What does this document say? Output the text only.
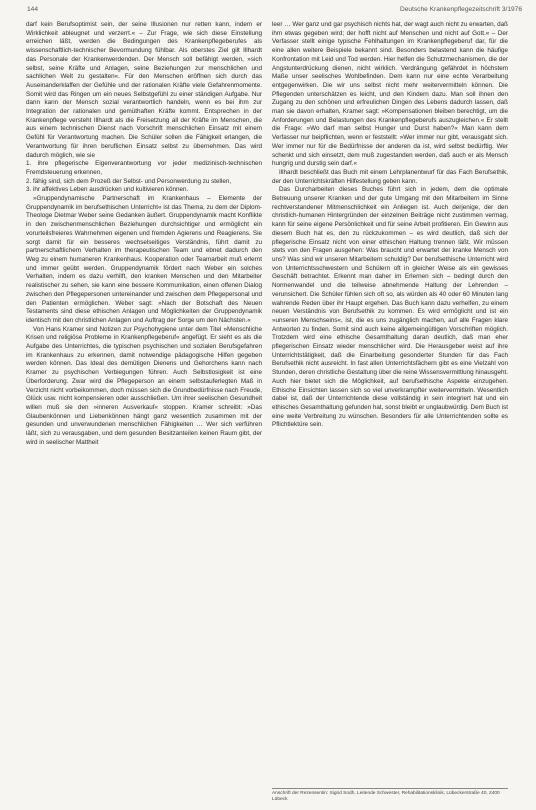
144	Deutsche Krankenpflegezeitschrift 3/1976

darf kein Berufsoptimist sein, der seine Illusionen nur retten kann, indem er Wirklichkeit ableugnet und verzerrt.« – Zur Frage, wie sich diese Einstellung erreichen läßt, werden die Bedingungen des Krankenpflegeberufes als wissenschaftlich-technischer Bevormundung fühlbar. Als oberstes Ziel gilt Illhardt das Personale der Krankenwerdenden. Der Mensch soll befähigt werden, »sich selbst, seine Kräfte und Anlagen, seine Beziehungen zur menschlichen und sachlichen Welt zu gestalten«. Für den Menschen eröffnen sich durch das Auseinanderklaffen der Gefühle und der rationalen Kräfte viele Gefahrenmomente. Somit wird das Ringen um ein neues Selbstgefühl zu einer ständigen Aufgabe. Nur dann kann der Mensch sozial verantwortlich handeln, wenn es bei ihm zur Integration der rationalen und gemüthaften Kräfte kommt. Entsprechen in der Krankenpflege versteht Illhardt als die Freisetzung all der Kräfte im Menschen, die aus einem technischen Dienst nach Vorschrift menschlichen Einsatz mit einem Gefühl für Verantwortung machen. Die Schüler sollen die Fähigkeit erlangen, die Verantwortung für ihren beruflichen Einsatz selbst zu übernehmen. Das wird dadurch möglich, wie sie

1. ihre pflegerische Eigenverantwortung vor jeder medizinisch-technischen Fremdsteuerung erkennen,

2. fähig sind, sich dem Prozeß der Selbst- und Personwerdung zu stellen,

3. ihr affektives Leben ausdrücken und kultivieren können.

»Gruppendynamische Partnerschaft im Krankenhaus – Elemente der Gruppendynamik im berufsethischen Unterricht« ist das Thema, zu dem der Diplom-Theologe Dietmar Weber seine Gedanken äußert. Gruppendynamik macht Konflikte in den zwischenmenschlichen Beziehungen durchsichtiger und ermöglicht ein vorurteilsfreieres Wahrnehmen eigenen und fremden Agierens und Reagierens. Sie sorgt damit für ein besseres wechselseitiges Verständnis, führt damit zu partnerschaftlichem Verhalten im therapeutischen Team und ebnet dadurch den Weg zu einem humaneren Krankenhaus. Kooperation oder Teamarbeit muß erlernt und immer geübt werden. Gruppendynamik fördert nach Weber ein solches Verhalten, indem es dazu verhilft, den kranken Menschen und den Mitarbeiter realistischer zu sehen, sie kann eine bessere Kommunikation, einen offenen Dialog zwischen den Pflegepersonen untereinander und zwischen dem Pflegepersonal und den Patienten ermöglichen. Weber sagt: »Nach der Botschaft des Neuen Testaments sind diese ethischen Anlagen und Möglichkeiten der Gruppendynamik identisch mit den christlichen Anlagen und Auftrag der Sorge um den Nächsten.«

Von Hans Kramer sind Notizen zur Psychohygiene unter dem Titel »Menschliche Krisen und religiöse Probleme in Krankenpflegeberuf« angefügt. Er sieht es als die Aufgabe des Unterrichtes, die typischen psychischen und sozialen Berufsgefahren im Krankenhaus zu erkennen, damit notwendige pädagogische Hilfen gegeben werden können. Das Ideal des demütigen Dienens und Gehorchens kann nach Kramer zu psychischen Verbiegungen führen. Auch Selbstlosigkeit ist eine Überforderung. Zwar wird die Pflegeperson an einem selbstauferlegten Maß in Verzicht nicht vorbeikommen, doch müssen sich die Grundbedürfnisse nach Freude, Glück usw. nicht kompensieren oder ausschließen. Um ihrer seelischen Gesundheit willen muß sie den »inneren Ausverkauf« stoppen. Kramer schreibt: »Das Glaubenkönnen und Liebenkönnen hängt ganz wesentlich zusammen mit der gesunden und unverwundenen menschlichen Fähigkeiten … Wer sich verführen läßt, sich zu verausgaben, und dem gesunden Besitzanteilen keinen Raum gibt, der wird in seelischer Mattheit

leer … Wer ganz und gar psychisch nichts hat, der wagt auch nicht zu erwarten, daß ihm etwas gegeben wird; der hofft nicht auf Menschen und nicht auf Gott.« – Der Verfasser stellt einige typische Fehlhaltungen im Krankenpflegeberuf dar, für die eine allen weitere Beispiele bekannt sind. Besonders belastend kann die häufige Konfrontation mit Leid und Tod werden. Hier helfen die Schutzmechanismen, die der Angstunterdrückung dienen, nicht wirklich. Verdrängung gefährdet in höchstem Maße unser seelisches Wohlbefinden. Dem kann nur eine echte Verarbeitung entgegenwirken. Die wir uns selbst nicht mehr weitervermitteln können. Die Pflegenden unterschätzen es leicht, und den Kindern dazu. Man soll ihnen den Zugang zu den schönen und erfreulichen Dingen des Lebens dadurch lassen, daß man sie davon erhalten, Kramer sagt: »Kompensationen bleiben berechtigt, um die Anforderungen und Belastungen des Krankenpflegeberufs auszugleichen.« Er stellt die Frage: »Wo darf man selbst Hunger und Durst haben?« Man kann dem Verfasser nur beipflichten, wenn er feststellt: »Wer immer nur gibt, verausgabt sich. Wer immer nur für die Bedürfnisse der anderen da ist, wird selbst bedürftig. Wer schenkt und sich einsetzt, dem muß zugestanden werden, daß auch er als Mensch hungrig und durstig sein darf.«

Illhardt beschließt das Buch mit einem Lehrplanentwurf für das Fach Berufsethik, der den Unterrichtskräften Hilfestellung geben kann.

Das Durcharbeiten dieses Buches führt sich in jedem, dem die optimale Betreuung unserer Kranken und der gute Umgang mit den Mitarbeitern im Sinne rechtverstandener Mitmenschlichkeit ein Anliegen ist. Auch derjenige, der den christlich-humanen Hintergründen der einzelnen Beiträge nicht zustimmen vermag, kann für seine eigene Persönlichkeit und für seine Arbeit profitieren. Ein Gewinn aus diesem Buch hat es, den zu rückzukommen – es wird deutlich, daß sich der pflegerische Einsatz nicht von einer ethischen Haltung trennen läßt. Wir müssen stets von den Fragen ausgehen: Was braucht und erwartet der kranke Mensch von uns? Was sind wir unseren Mitarbeitern schuldig? Der berufsethische Unterricht wird von Unterrichtsschwestern und Schülern oft in gleicher Weise als ein gewisses Geschäft betrachtet. Erkennt man daher im Erlernen sich – bedingt durch den Normenwandel und die teilweise abnehmende Haltung der Lehrenden – verunsichert. Die Schüler fühlen sich oft so, als würden als 40 oder 60 Minuten lang wahrende Reden über ihr Haupt ergehen. Das Buch kann dazu verhelfen, zu einem neuen Verständnis von Berufsethik zu kommen. Es wird ermöglicht und ist ein »unseren Menschseins«, ist, die es uns zugänglich machen, auf alle Fragen klare Antworten zu finden. Somit sind auch keine allgemeingültigen Vorschriften möglich. Trotzdem wird eine ethische Gesamthaltung daran deutlich, daß man eher pflegerischen Einsatz wieder menschlicher wird. Die Herausgeber weist auf ihre Unterrichtstätigkeit, daß die Einarbeitung gesonderter Stunden für das Fach Berufsethik nicht ausreicht. In fast allen Unterrichtsfächern gibt es eine Vielzahl von Stunden, deren christliche Gestaltung über die reine Wissensvermittlung hinausgeht. Auch hier bietet sich die Möglichkeit, auf berufsethische Aspekte einzugehen. Ethische Einsichten lassen sich so viel unverkrampfter weitervermitteln. Wesentlich dabei ist, daß der Unterrichtende diese vollständig in sein integriert hat und ein ethisches Gesamthaltung gefunden hat, sonst bleibt er unglaubwürdig. Dem Buch ist eine weite Verbreitung zu wünschen. Besonders für alle Unterrichtenden sollte es Pflichtlektüre sein.

Anschrift der Rezensentin: Sigrid Sodh, Leitende Schwester, Rehabilitationsklinik, Lübeckerstraße 40, 2400 Lübeck
